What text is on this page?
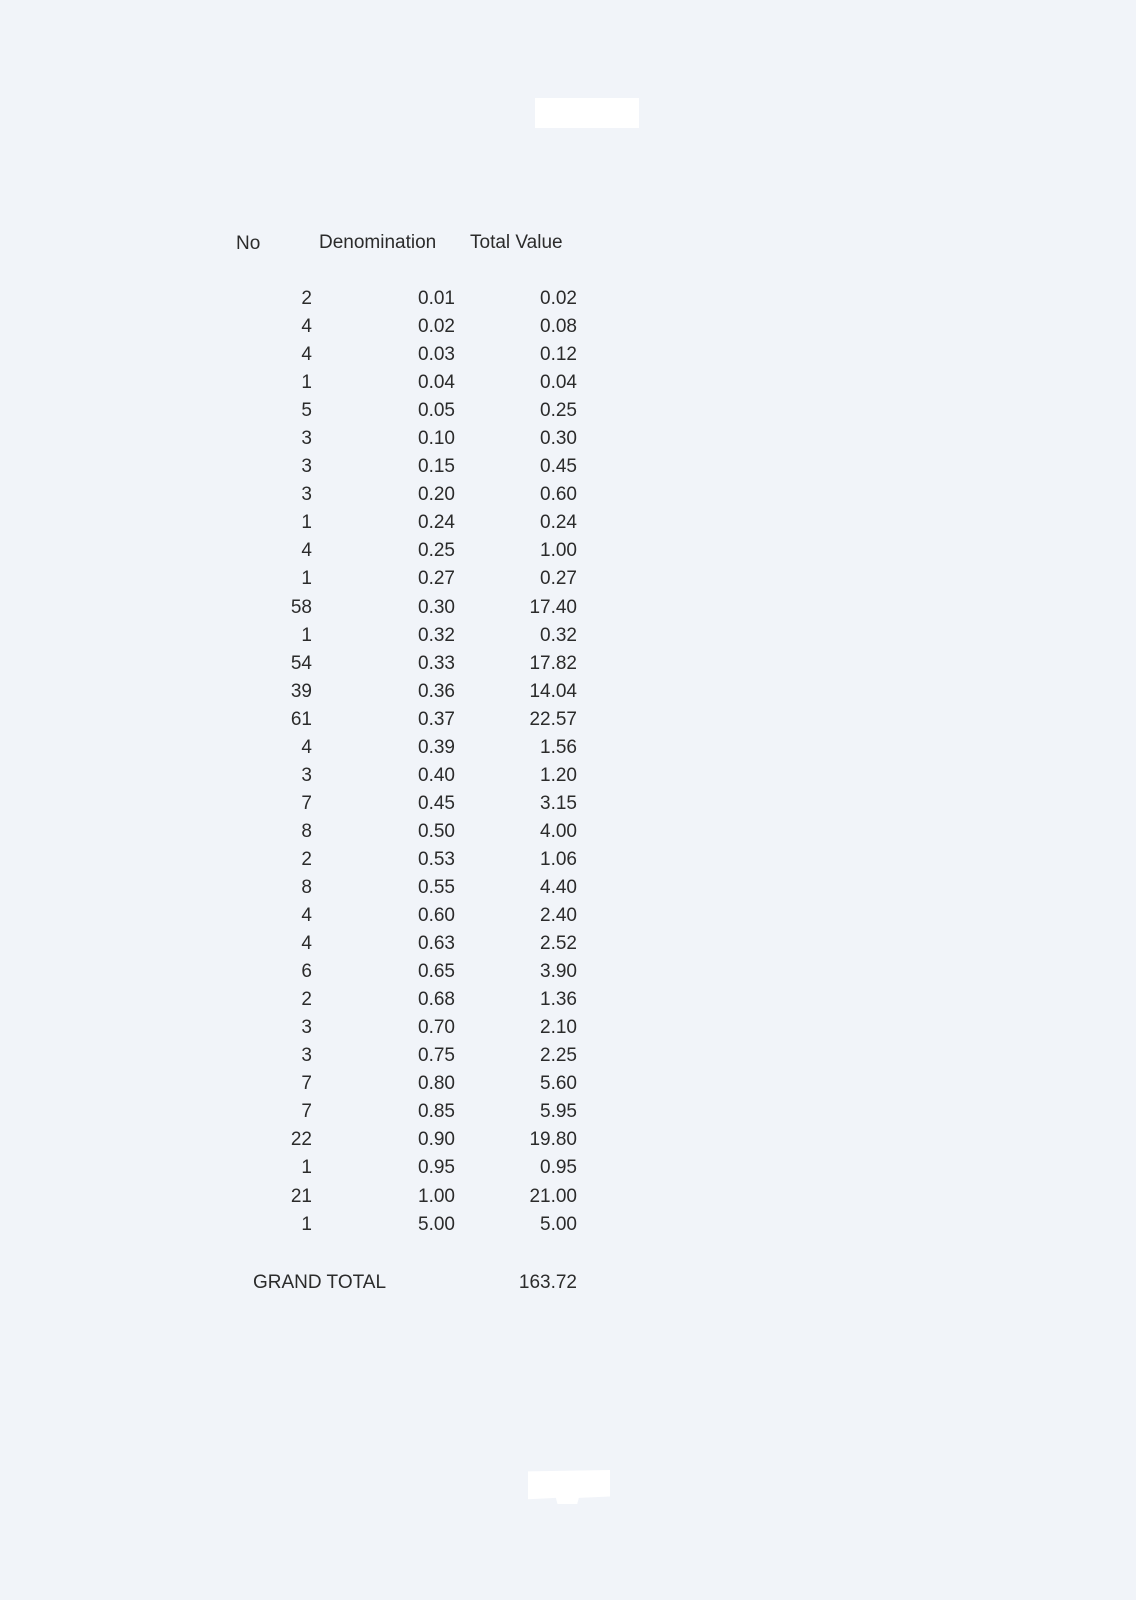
No	Denomination Total Value
2	0.01	0.02
4	0.02	0.08
4	0.03	0.12
1	0.04	0.04
5	0.05	0.25
3	0.10	0.30
3	0.15	0.45
3	0.20	0.60
1	0.24	0.24
4	0.25	1.00
1	0.27	0.27
58	0.30	17.40
1	0.32	0.32
54	0.33	17.82
39	0.36	14.04
61	0.37	22.57
4	0.39	1.56
3	0.40	1.20
7	0.45	3.15
8	0.50	4.00
2	0.53	1.06
8	0.55	4.40
4	0.60	2.40
4	0.63	2.52
6	0.65	3.90
2	0.68	1.36
3	0.70	2.10
3	0.75	2.25
7	0.80	5.60
7	0.85	5.95
22	0.90	19.80
1	0.95	0.95
21	1.00	21.00
1	5.00	5.00
GRAND TOTAL	163.72
